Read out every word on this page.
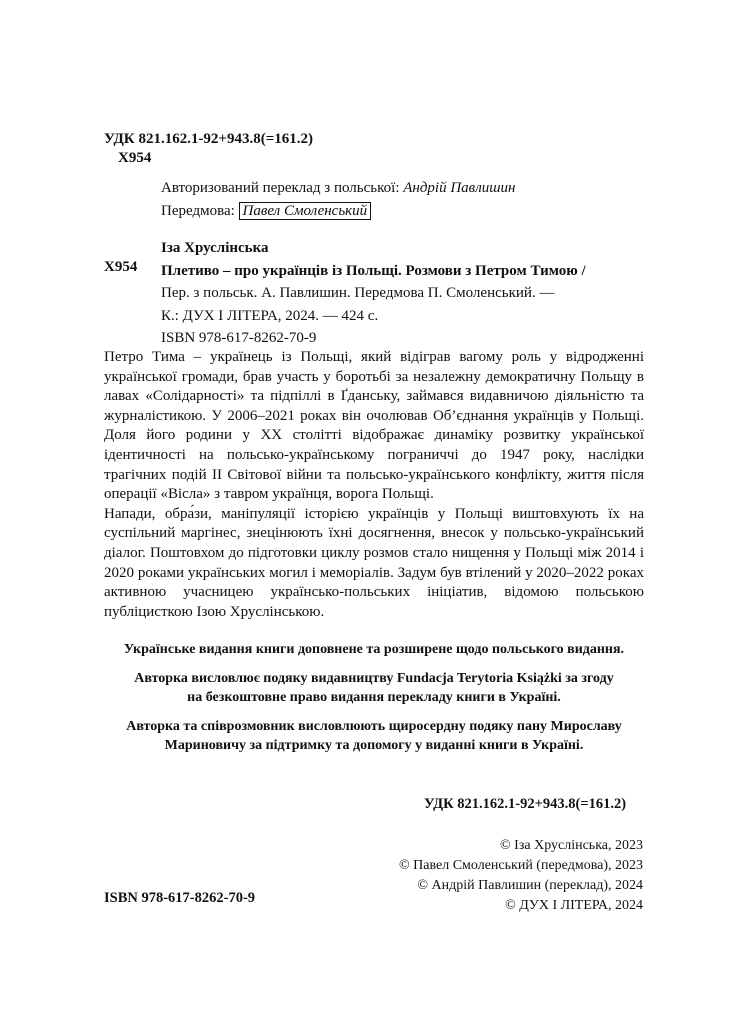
УДК 821.162.1-92+943.8(=161.2)
Х954
Авторизований переклад з польської: Андрій Павлишин
Передмова: Павел Смоленський
Х954
Іза Хруслінська
Плетиво – про українців із Польщі. Розмови з Петром Тимою /
Пер. з польськ. А. Павлишин. Передмова П. Смоленський. —
К.: ДУХ І ЛІТЕРА, 2024. — 424 с.
ISBN 978-617-8262-70-9

Петро Тима – українець із Польщі, який відіграв вагому роль у відродженні української громади, брав участь у боротьбі за незалежну демократичну Польщу в лавах «Солідарності» та підпіллі в Ґданську, займався видавничою діяльністю та журналістикою. У 2006–2021 роках він очолював Об’єднання українців у Польщі. Доля його родини у XX столітті відображає динаміку розвитку української ідентичності на польсько-українському пограниччі до 1947 року, наслідки трагічних подій ІІ Світової війни та польсько-українського конфлікту, життя після операції «Вісла» з тавром українця, ворога Польщі.

Напади, обра́зи, маніпуляції історією українців у Польщі виштовхують їх на суспільний маргінес, знецінюють їхні досягнення, внесок у польсько-український діалог. Поштовхом до підготовки циклу розмов стало нищення у Польщі між 2014 і 2020 роками українських могил і меморіалів. Задум був втілений у 2020–2022 роках активною учасницею українсько-польських ініціатив, відомою польською публіцисткою Ізою Хруслінською.

Українське видання книги доповнене та розширене щодо польського видання.

Авторка висловлює подяку видавництву Fundacja Terytoria Książki за згоду
на безкоштовне право видання перекладу книги в Україні.

Авторка та співрозмовник висловлюють щиросердну подяку пану Мирославу
Мариновичу за підтримку та допомогу у виданні книги в Україні.

УДК 821.162.1-92+943.8(=161.2)
© Іза Хруслінська, 2023
© Павел Смоленський (передмова), 2023
© Андрій Павлишин (переклад), 2024
© ДУХ І ЛІТЕРА, 2024
ISBN 978-617-8262-70-9
